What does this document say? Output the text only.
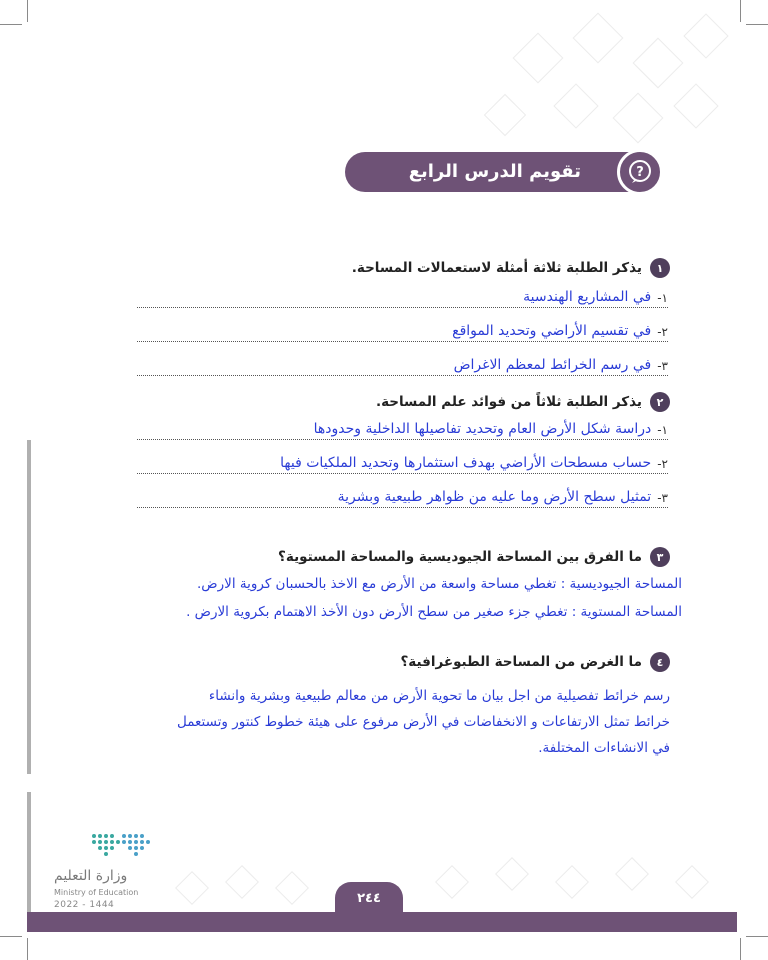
تقويم الدرس الرابع والثلاثين
?
١
يذكر الطلبة ثلاثة أمثلة لاستعمالات المساحة.
١-
في المشاريع الهندسية
٢-
في تقسيم الأراضي وتحديد المواقع
٣-
في رسم الخرائط لمعظم الاغراض
٢
يذكر الطلبة ثلاثاً من فوائد علم المساحة.
١-
دراسة شكل الأرض العام وتحديد تفاصيلها الداخلية وحدودها
٢-
حساب مسطحات الأراضي بهدف استثمارها وتحديد الملكيات فيها
٣-
تمثيل سطح الأرض وما عليه من ظواهر طبيعية وبشرية
٣
ما الفرق بين المساحة الجيوديسية والمساحة المستوية؟
المساحة الجيوديسية : تغطي مساحة واسعة من الأرض مع الاخذ بالحسبان كروية الارض.
المساحة المستوية : تغطي جزء صغير من سطح الأرض دون الأخذ الاهتمام بكروية الارض .
٤
ما الغرض من المساحة الطبوغرافية؟
رسم خرائط تفصيلية من اجل بيان ما تحوية الأرض من معالم طبيعية وبشرية وانشاء
خرائط تمثل الارتفاعات و الانخفاضات في الأرض مرفوع على هيئة خطوط كنتور وتستعمل
في الانشاءات المختلفة.
وزارة التعليم
Ministry of Education
2022 - 1444	٢٤٤
